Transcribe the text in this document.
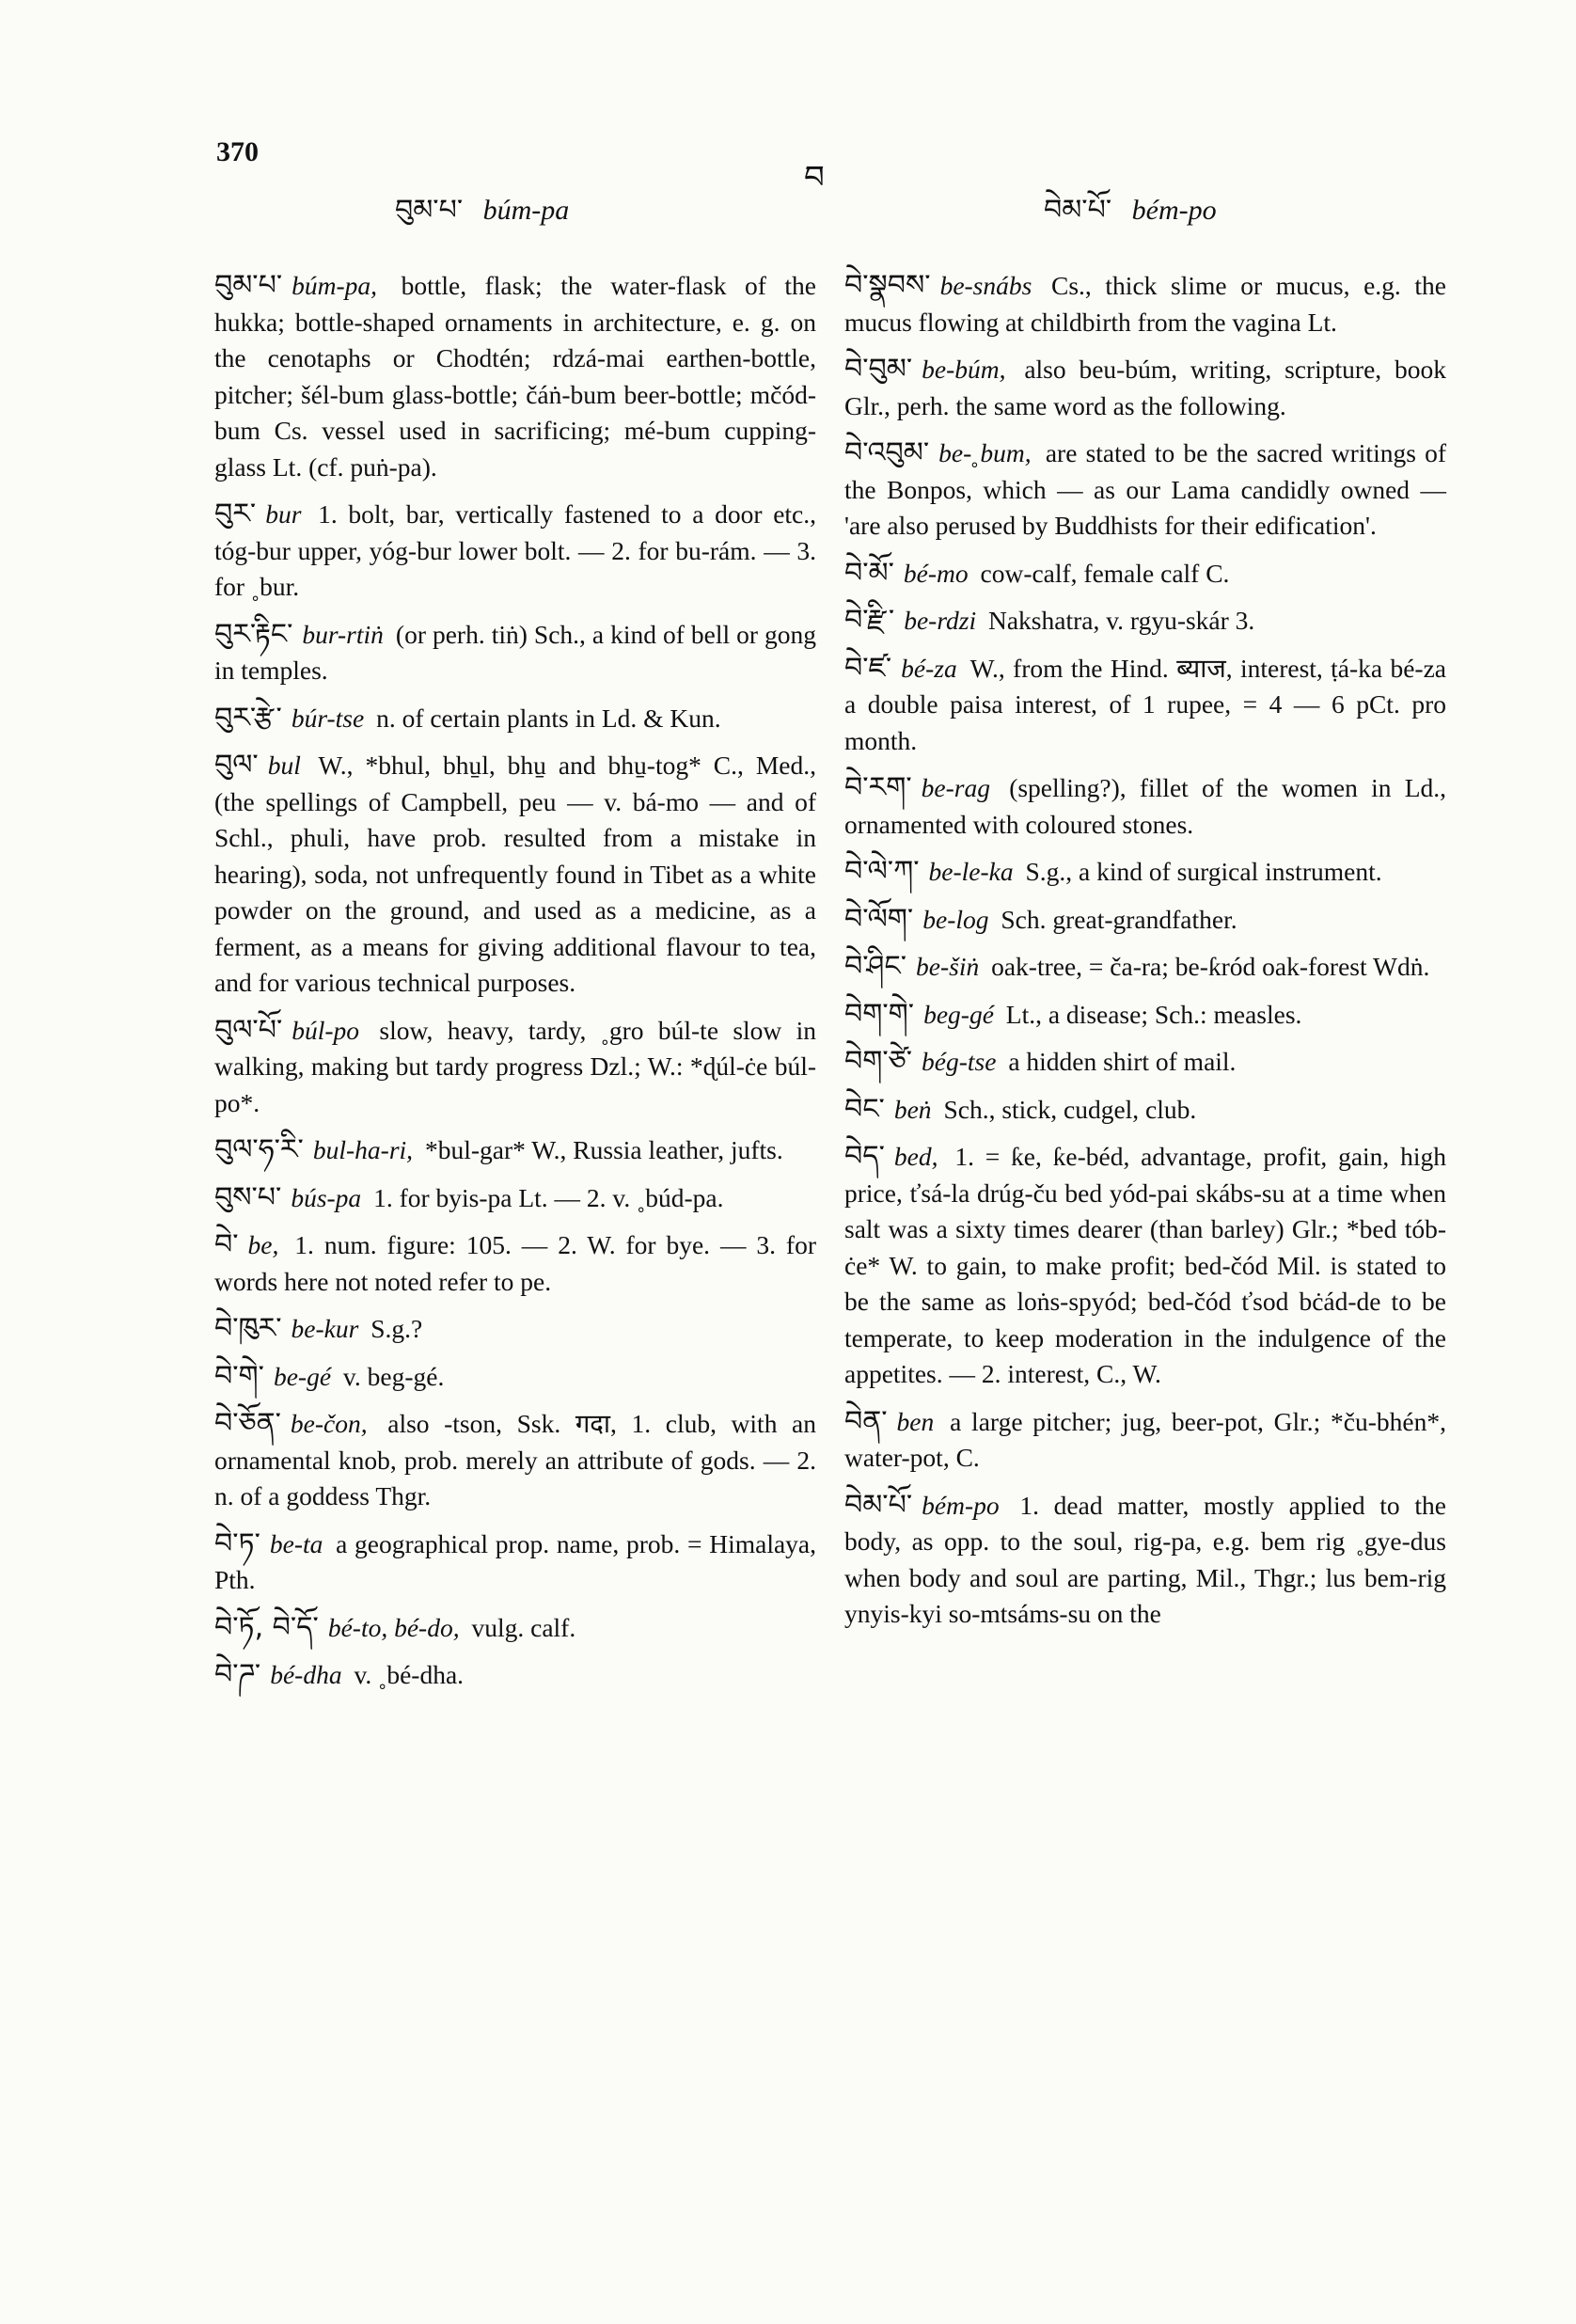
370
བ
བུམ་པ་ búm-pa	བེམ་པོ་ bém-po

བུམ་པ་ búm-pa, bottle, flask; the water-flask of the hukka; bottle-shaped ornaments in architecture, e. g. on the cenotaphs or Chodtén; rdzá-mai earthen-bottle, pitcher; šél-bum glass-bottle; čáṅ-bum beer-bottle; mčód-bum Cs. vessel used in sacrificing; mé-bum cupping-glass Lt. (cf. puṅ-pa).

བུར་ bur 1. bolt, bar, vertically fastened to a door etc., tóg-bur upper, yóg-bur lower bolt. — 2. for bu-rám. — 3. for ˳bur.

བུར་རྟིང་ bur-rtiṅ (or perh. tiṅ) Sch., a kind of bell or gong in temples.

བུར་རྩེ་ búr-tse n. of certain plants in Ld. & Kun.

བུལ་ bul W., *bhul, bhu̱l, bhu̱ and bhu̱-tog* C., Med., (the spellings of Campbell, peu — v. bá-mo — and of Schl., phuli, have prob. resulted from a mistake in hearing), soda, not unfrequently found in Tibet as a white powder on the ground, and used as a medicine, as a ferment, as a means for giving additional flavour to tea, and for various technical purposes.

བུལ་པོ་ búl-po slow, heavy, tardy, ˳gro búl-te slow in walking, making but tardy progress Dzl.; W.: *ɖúl-ċe búl-po*.

བུལ་ཧ་རི་ bul-ha-ri, *bul-gar* W., Russia leather, jufts.

བུས་པ་ bús-pa 1. for byis-pa Lt. — 2. v. ˳búd-pa.

བེ་ be, 1. num. figure: 105. — 2. W. for bye. — 3. for words here not noted refer to pe.

བེ་ཁུར་ be-kur S.g.?

བེ་གེ་ be-gé v. beg-gé.

བེ་ཅོན་ be-čon, also -tson, Ssk. गदा, 1. club, with an ornamental knob, prob. merely an attribute of gods. — 2. n. of a goddess Thgr.

བེ་ཏ་ be-ta a geographical prop. name, prob. = Himalaya, Pth.

བེ་ཏོ, བེ་དོ་ bé-to, bé-do, vulg. calf.

བེ་ཌ་ bé-dha v. ˳bé-dha.

བེ་སྣབས་ be-snábs Cs., thick slime or mucus, e.g. the mucus flowing at childbirth from the vagina Lt.

བེ་བུམ་ be-búm, also beu-búm, writing, scripture, book Glr., perh. the same word as the following.

བེ་འབུམ་ be-˳bum, are stated to be the sacred writings of the Bonpos, which — as our Lama candidly owned — 'are also perused by Buddhists for their edification'.

བེ་མོ་ bé-mo cow-calf, female calf C.

བེ་རྫི་ be-rdzi Nakshatra, v. rgyu-skár 3.

བེ་ཛ་ bé-za W., from the Hind. ब्याज, interest, ṭá-ka bé-za a double paisa interest, of 1 rupee, = 4 — 6 pCt. pro month.

བེ་རག་ be-rag (spelling?), fillet of the women in Ld., ornamented with coloured stones.

བེ་ལེ་ཀ་ be-le-ka S.g., a kind of surgical instrument.

བེ་ལོག་ be-log Sch. great-grandfather.

བེ་ཤིང་ be-šiṅ oak-tree, = ča-ra; be-ƙród oak-forest Wdṅ.

བེག་གེ་ beg-gé Lt., a disease; Sch.: measles.

བེག་ཙེ་ bég-tse a hidden shirt of mail.

བེང་ beṅ Sch., stick, cudgel, club.

བེད་ bed, 1. = ƙe, ƙe-béd, advantage, profit, gain, high price, ťsá-la drúg-ču bed yód-pai skábs-su at a time when salt was a sixty times dearer (than barley) Glr.; *bed tób-ċe* W. to gain, to make profit; bed-čód Mil. is stated to be the same as loṅs-spyód; bed-čód ťsod bċád-de to be temperate, to keep moderation in the indulgence of the appetites. — 2. interest, C., W.

བེན་ ben a large pitcher; jug, beer-pot, Glr.; *ču-bhén*, water-pot, C.

བེམ་པོ་ bém-po 1. dead matter, mostly applied to the body, as opp. to the soul, rig-pa, e.g. bem rig ˳gye-dus when body and soul are parting, Mil., Thgr.; lus bem-rig ynyis-kyi so-mtsáms-su on the
